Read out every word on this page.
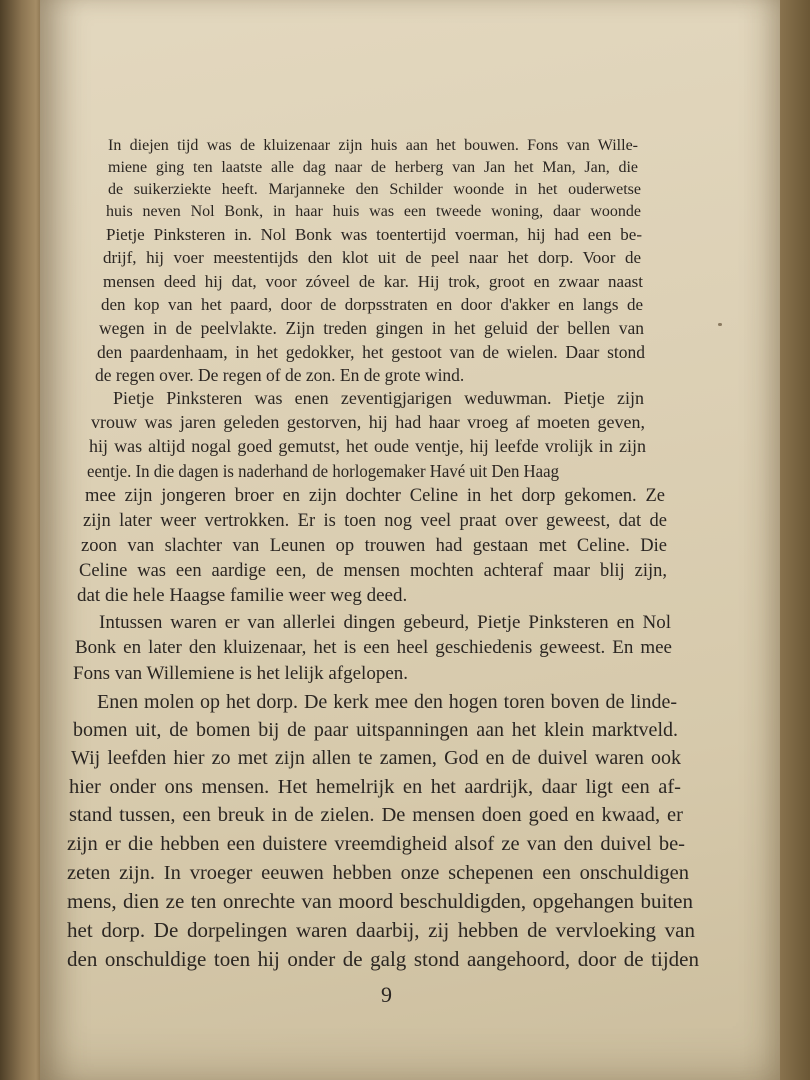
In diejen tijd was de kluizenaar zijn huis aan het bouwen. Fons van Wille-
miene ging ten laatste alle dag naar de herberg van Jan het Man, Jan, die
de suikerziekte heeft. Marjanneke den Schilder woonde in het ouderwetse
huis neven Nol Bonk, in haar huis was een tweede woning, daar woonde
Pietje Pinksteren in. Nol Bonk was toentertijd voerman, hij had een be-
drijf, hij voer meestentijds den klot uit de peel naar het dorp. Voor de
mensen deed hij dat, voor zóveel de kar. Hij trok, groot en zwaar naast
den kop van het paard, door de dorpsstraten en door d'akker en langs de
wegen in de peelvlakte. Zijn treden gingen in het geluid der bellen van
den paardenhaam, in het gedokker, het gestoot van de wielen. Daar stond
de regen over. De regen of de zon. En de grote wind.
Pietje Pinksteren was enen zeventigjarigen weduwman. Pietje zijn
vrouw was jaren geleden gestorven, hij had haar vroeg af moeten geven,
hij was altijd nogal goed gemutst, het oude ventje, hij leefde vrolijk in zijn
eentje. In die dagen is naderhand de horlogemaker Havé uit Den Haag
mee zijn jongeren broer en zijn dochter Celine in het dorp gekomen. Ze
zijn later weer vertrokken. Er is toen nog veel praat over geweest, dat de
zoon van slachter van Leunen op trouwen had gestaan met Celine. Die
Celine was een aardige een, de mensen mochten achteraf maar blij zijn,
dat die hele Haagse familie weer weg deed.
Intussen waren er van allerlei dingen gebeurd, Pietje Pinksteren en Nol
Bonk en later den kluizenaar, het is een heel geschiedenis geweest. En mee
Fons van Willemiene is het lelijk afgelopen.
Enen molen op het dorp. De kerk mee den hogen toren boven de linde-
bomen uit, de bomen bij de paar uitspanningen aan het klein marktveld.
Wij leefden hier zo met zijn allen te zamen, God en de duivel waren ook
hier onder ons mensen. Het hemelrijk en het aardrijk, daar ligt een af-
stand tussen, een breuk in de zielen. De mensen doen goed en kwaad, er
zijn er die hebben een duistere vreemdigheid alsof ze van den duivel be-
zeten zijn. In vroeger eeuwen hebben onze schepenen een onschuldigen
mens, dien ze ten onrechte van moord beschuldigden, opgehangen buiten
het dorp. De dorpelingen waren daarbij, zij hebben de vervloeking van
den onschuldige toen hij onder de galg stond aangehoord, door de tijden
9
